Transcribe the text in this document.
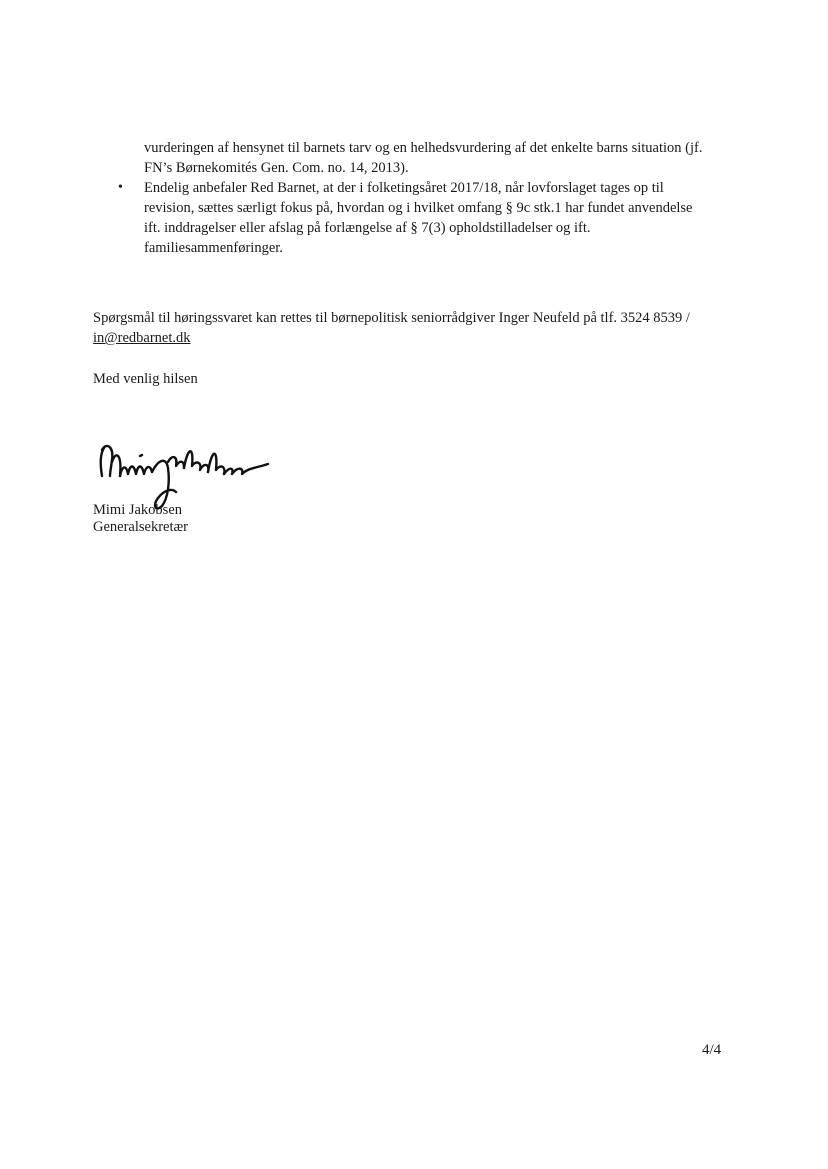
vurderingen af hensynet til barnets tarv og en helhedsvurdering af det enkelte barns situation (jf.
FN’s Børnekomités Gen. Com. no. 14, 2013).
• Endelig anbefaler Red Barnet, at der i folketingsåret 2017/18, når lovforslaget tages op til
revision, sættes særligt fokus på, hvordan og i hvilket omfang § 9c stk.1 har fundet anvendelse
ift. inddragelser eller afslag på forlængelse af § 7(3) opholdstilladelser og ift.
familiesammenføringer.
Spørgsmål til høringssvaret kan rettes til børnepolitisk seniorrådgiver Inger Neufeld på tlf. 3524 8539 /
in@redbarnet.dk
Med venlig hilsen
Mimi Jakobsen
Generalsekretær
4/4
